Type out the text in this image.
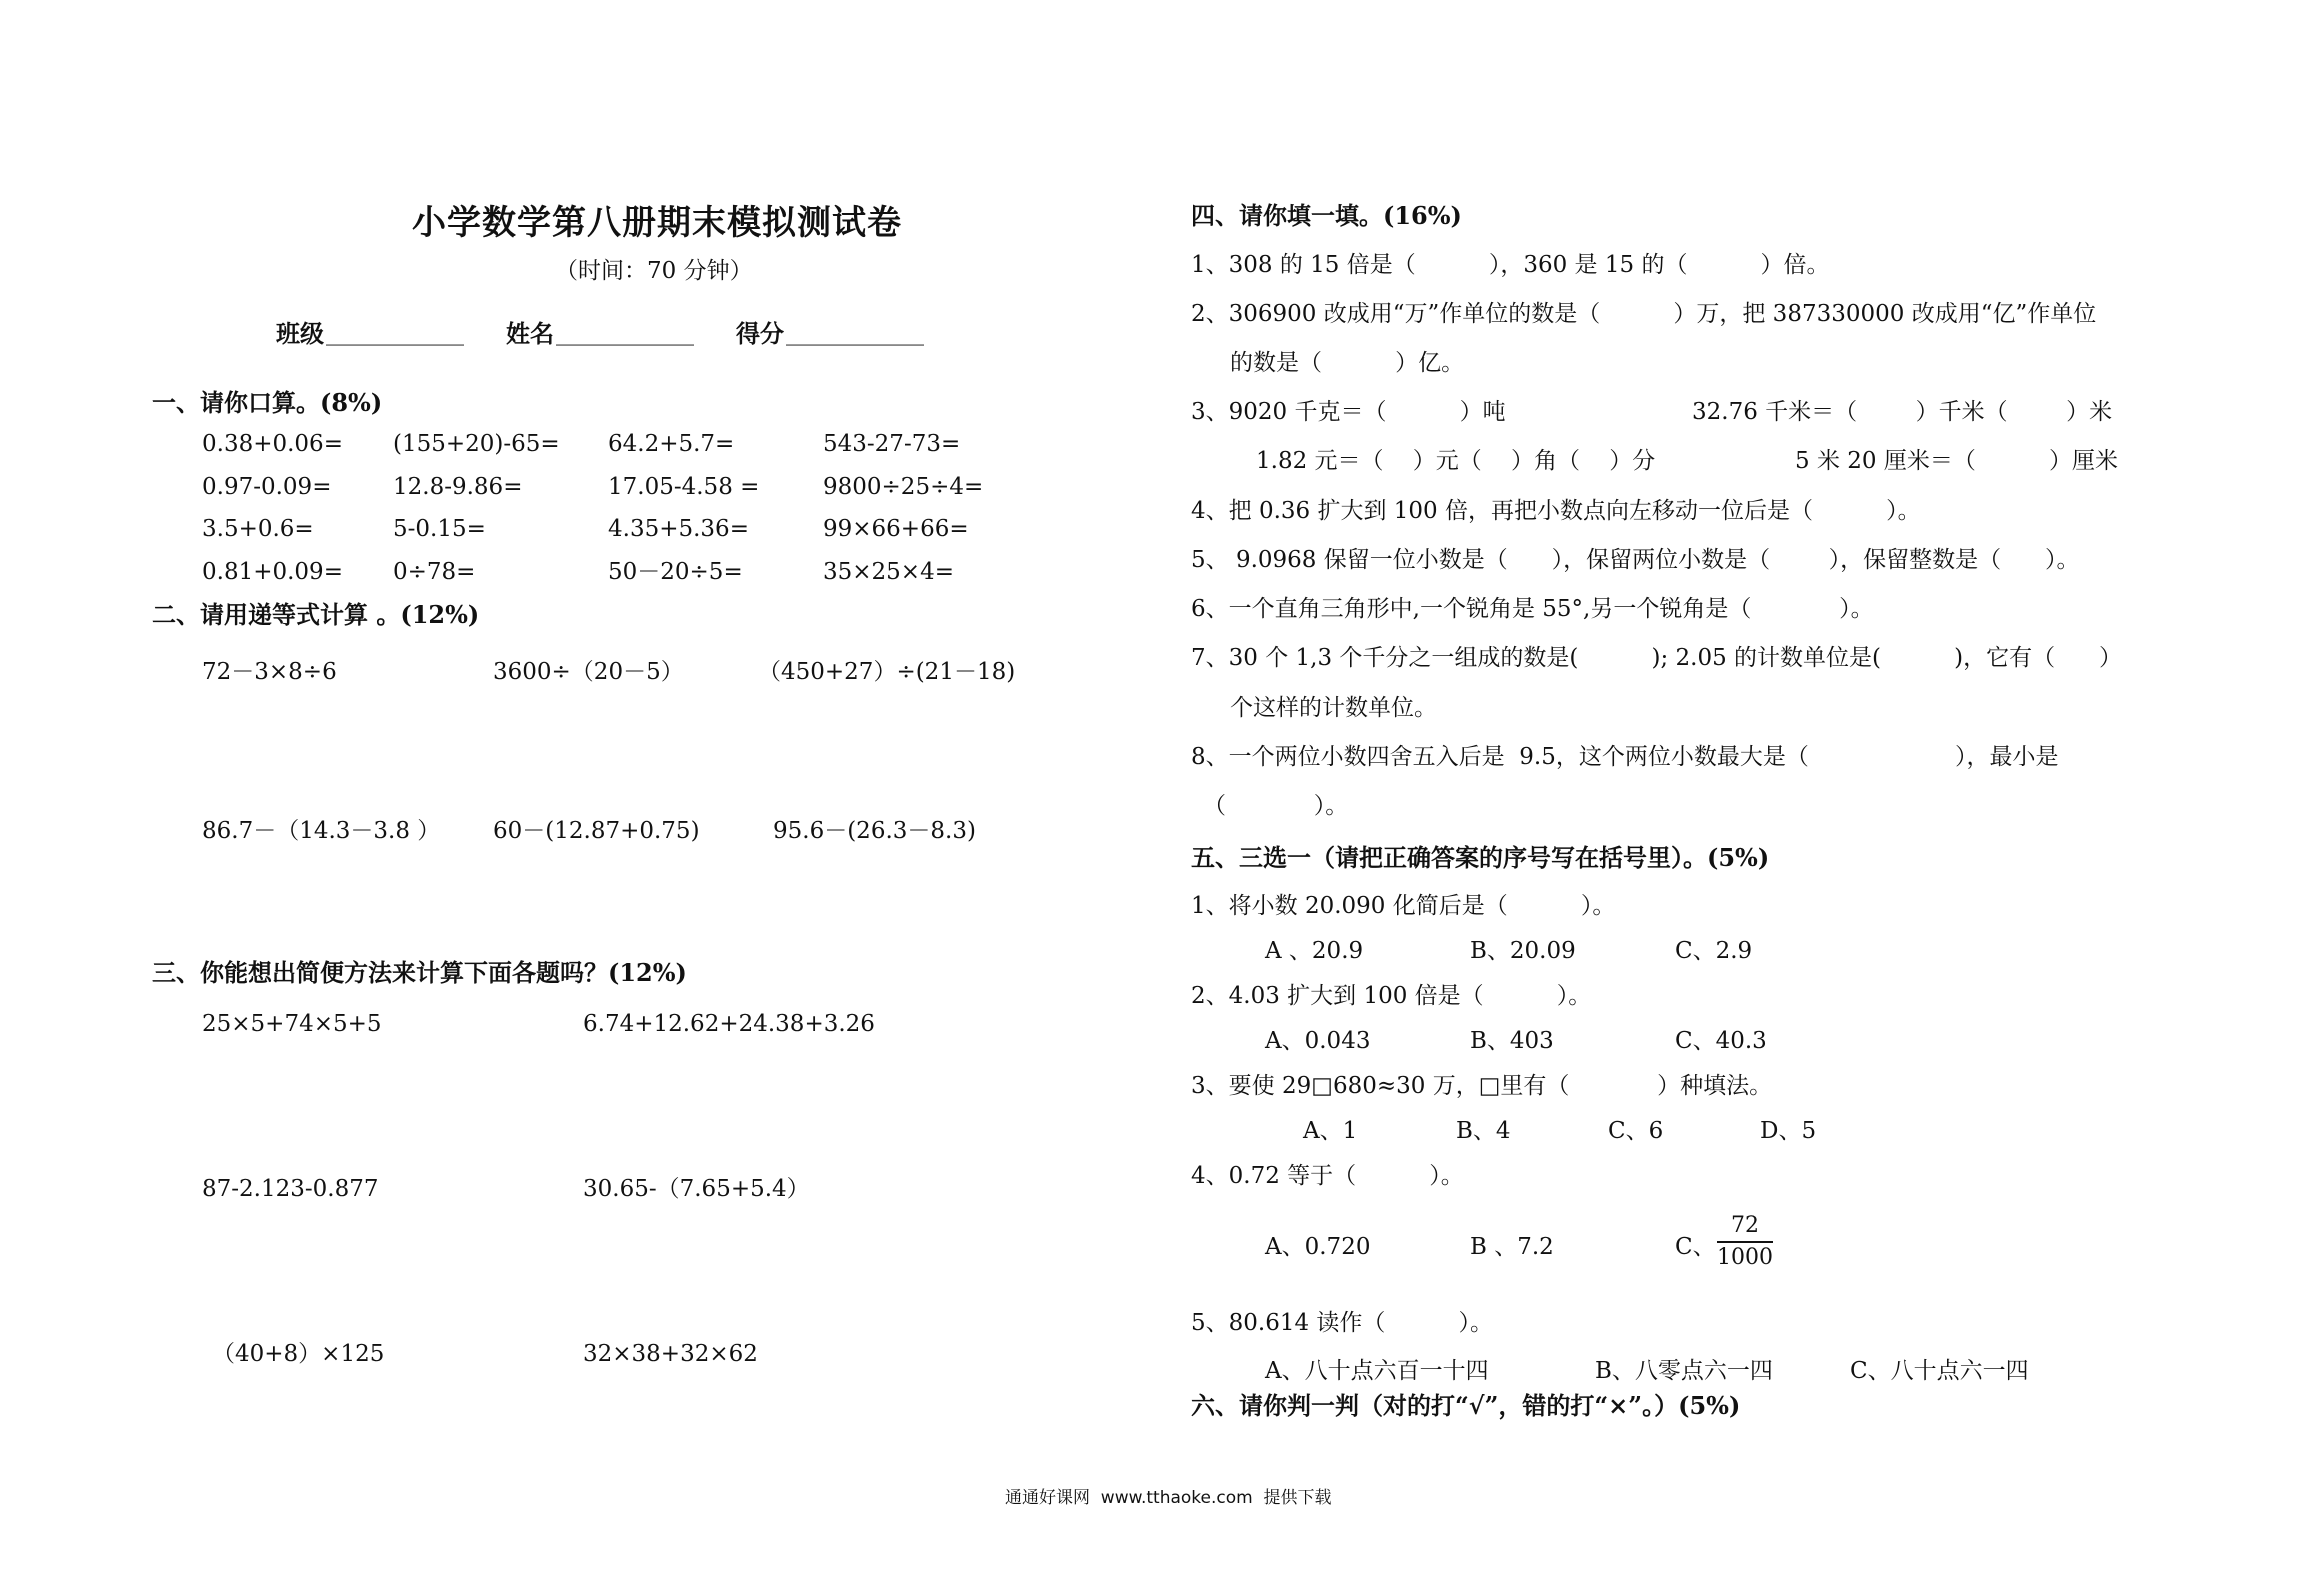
小学数学第八册期末模拟测试卷
（时间：70 分钟）
班级 ____________ 姓名 ____________ 得分 ____________
一、请你口算。(8%)
0.38+0.06= (155+20)-65= 64.2+5.7=	543-27-73=
0.97-0.09=	12.8-9.86=	17.05-4.58 =	9800÷25÷4=
3.5+0.6=	5-0.15=	4.35+5.36=	99×66+66=
0.81+0.09= 0÷78=	50－20÷5=	35×25×4=
二、请用递等式计算 。(12%)
72－3×8÷6	3600÷（20－5）	（450+27）÷(21－18)
86.7－（14.3－3.8 ） 60－(12.87+0.75)	95.6－(26.3－8.3)
三、你能想出简便方法来计算下面各题吗？(12%)
25×5+74×5+5	6.74+12.62+24.38+3.26
87-2.123-0.877	30.65-（7.65+5.4）
（40+8）×125	32×38+32×62
四、请你填一填。(16%)
1、308 的 15 倍是（          ），360 是 15 的（          ）倍。
2、306900 改成用“万”作单位的数是（          ）万，把 387330000 改成用“亿”作单位
的数是（          ）亿。
3、9020 千克＝（          ）吨	32.76 千米＝（        ）千米（        ）米
1.82 元＝（    ）元（    ）角（    ）分	5 米 20 厘米＝（          ）厘米
4、把 0.36 扩大到 100 倍，再把小数点向左移动一位后是（          ）。
5、 9.0968 保留一位小数是（      ），保留两位小数是（        ），保留整数是（      ）。
6、一个直角三角形中,一个锐角是 55°,另一个锐角是（            ）。
7、30 个 1,3 个千分之一组成的数是(          ); 2.05 的计数单位是(          )，它有（      ）
个这样的计数单位。
8、一个两位小数四舍五入后是  9.5，这个两位小数最大是（                    ），最小是
（            ）。
五、三选一（请把正确答案的序号写在括号里）。(5%)
1、将小数 20.090 化简后是（          ）。
A 、20.9	B、20.09	C、2.9
2、4.03 扩大到 100 倍是（          ）。
A、0.043	B、403	C、40.3
3、要使 29□680≈30 万，□里有（            ）种填法。
A、1	B、4	C、6	D、5
4、0.72 等于（          ）。
A、0.720	B 、7.2	C、 $\frac{72}{1000}$
5、80.614 读作（          ）。
A、八十点六百一十四	B、八零点六一四	C、八十点六一四
六、请你判一判（对的打“√”，错的打“×”。）(5%)
通通好课网  www.tthaoke.com  提供下载
